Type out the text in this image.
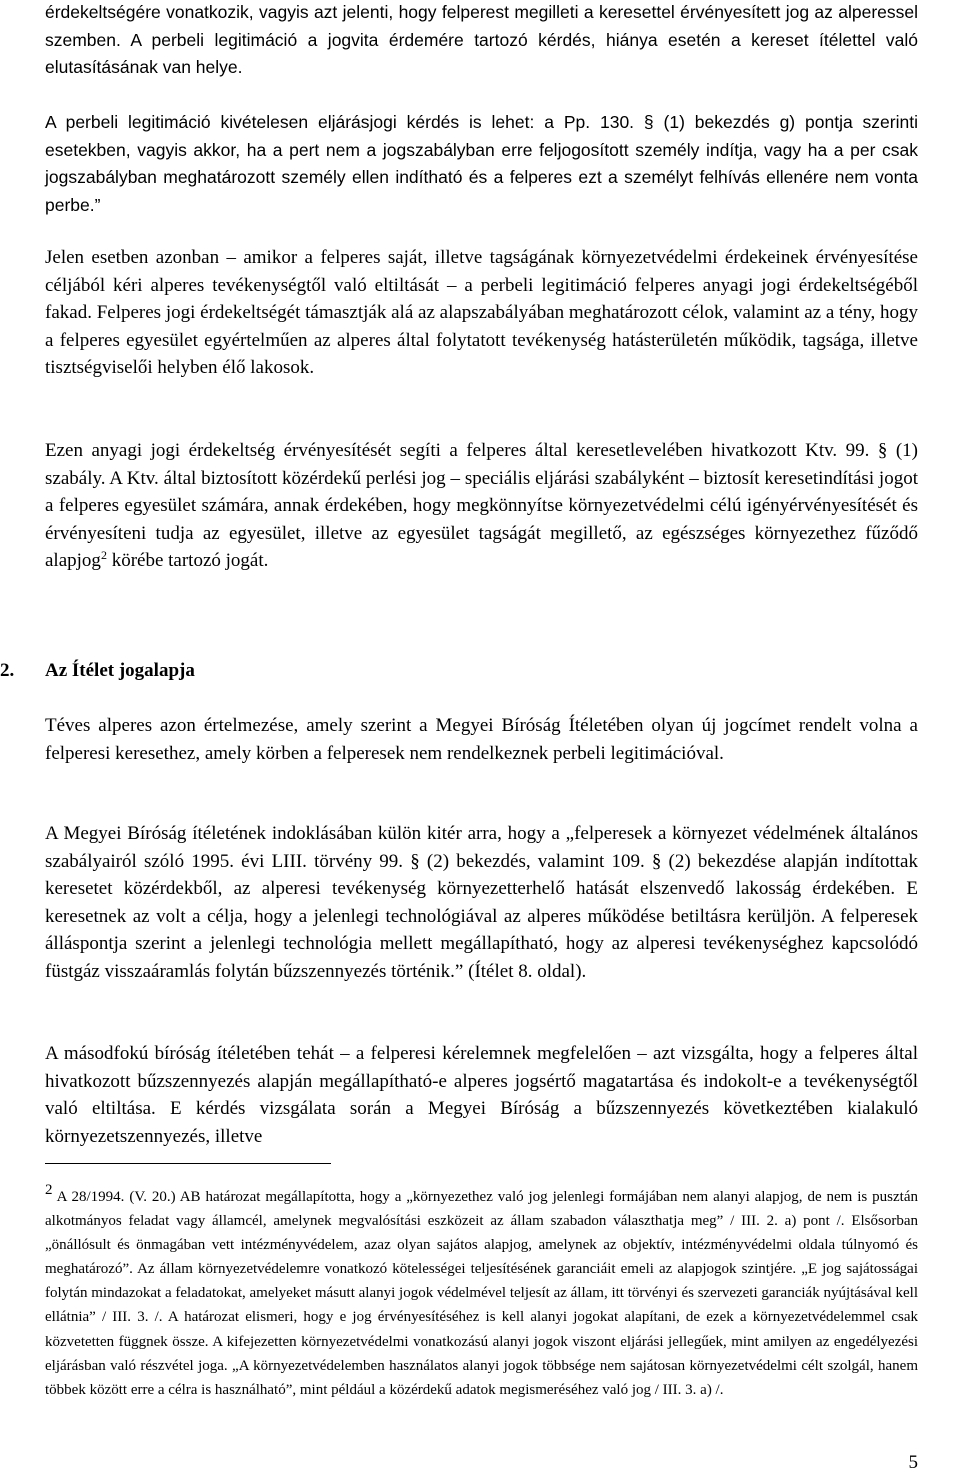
érdekeltségére vonatkozik, vagyis azt jelenti, hogy felperest megilleti a keresettel érvényesített jog az alperessel szemben. A perbeli legitimáció a jogvita érdemére tartozó kérdés, hiánya esetén a kereset ítélettel való elutasításának van helye.

A perbeli legitimáció kivételesen eljárásjogi kérdés is lehet: a Pp. 130. § (1) bekezdés g) pontja szerinti esetekben, vagyis akkor, ha a pert nem a jogszabályban erre feljogosított személy indítja, vagy ha a per csak jogszabályban meghatározott személy ellen indítható és a felperes ezt a személyt felhívás ellenére nem vonta perbe.”

Jelen esetben azonban – amikor a felperes saját, illetve tagságának környezetvédelmi érdekeinek érvényesítése céljából kéri alperes tevékenységtől való eltiltását – a perbeli legitimáció felperes anyagi jogi érdekeltségéből fakad. Felperes jogi érdekeltségét támasztják alá az alapszabályában meghatározott célok, valamint az a tény, hogy a felperes egyesület egyértelműen az alperes által folytatott tevékenység hatásterületén működik, tagsága, illetve tisztségviselői helyben élő lakosok.

Ezen anyagi jogi érdekeltség érvényesítését segíti a felperes által keresetlevelében hivatkozott Ktv. 99. § (1) szabály. A Ktv. által biztosított közérdekű perlési jog – speciális eljárási szabályként – biztosít keresetindítási jogot a felperes egyesület számára, annak érdekében, hogy megkönnyítse környezetvédelmi célú igényérvényesítését és érvényesíteni tudja az egyesület, illetve az egyesület tagságát megillető, az egészséges környezethez fűződő alapjog$^2$ körébe tartozó jogát.

2. Az Ítélet jogalapja

Téves alperes azon értelmezése, amely szerint a Megyei Bíróság Ítéletében olyan új jogcímet rendelt volna a felperesi keresethez, amely körben a felperesek nem rendelkeznek perbeli legitimációval.

A Megyei Bíróság ítéletének indoklásában külön kitér arra, hogy a „felperesek a környezet védelmének általános szabályairól szóló 1995. évi LIII. törvény 99. § (2) bekezdés, valamint 109. § (2) bekezdése alapján indítottak keresetet közérdekből, az alperesi tevékenység környezetterhelő hatását elszenvedő lakosság érdekében. E keresetnek az volt a célja, hogy a jelenlegi technológiával az alperes működése betiltásra kerüljön. A felperesek álláspontja szerint a jelenlegi technológia mellett megállapítható, hogy az alperesi tevékenységhez kapcsolódó füstgáz visszaáramlás folytán bűzszennyezés történik.” (Ítélet 8. oldal).

A másodfokú bíróság ítéletében tehát – a felperesi kérelemnek megfelelően – azt vizsgálta, hogy a felperes által hivatkozott bűzszennyezés alapján megállapítható-e alperes jogsértő magatartása és indokolt-e a tevékenységtől való eltiltása. E kérdés vizsgálata során a Megyei Bíróság a bűzszennyezés következtében kialakuló környezetszennyezés, illetve

$^2$ A 28/1994. (V. 20.) AB határozat megállapította, hogy a „környezethez való jog jelenlegi formájában nem alanyi alapjog, de nem is pusztán alkotmányos feladat vagy államcél, amelynek megvalósítási eszközeit az állam szabadon választhatja meg” / III. 2. a) pont /. Elsősorban „önállósult és önmagában vett intézményvédelem, azaz olyan sajátos alapjog, amelynek az objektív, intézményvédelmi oldala túlnyomó és meghatározó”. Az állam környezetvédelemre vonatkozó kötelességei teljesítésének garanciáit emeli az alapjogok szintjére. „E jog sajátosságai folytán mindazokat a feladatokat, amelyeket másutt alanyi jogok védelmével teljesít az állam, itt törvényi és szervezeti garanciák nyújtásával kell ellátnia” / III. 3. /. A határozat elismeri, hogy e jog érvényesítéséhez is kell alanyi jogokat alapítani, de ezek a környezetvédelemmel csak közvetetten függnek össze. A kifejezetten környezetvédelmi vonatkozású alanyi jogok viszont eljárási jellegűek, mint amilyen az engedélyezési eljárásban való részvétel joga. „A környezetvédelemben használatos alanyi jogok többsége nem sajátosan környezetvédelmi célt szolgál, hanem többek között erre a célra is használható”, mint például a közérdekű adatok megismeréséhez való jog / III. 3. a) /.

5
